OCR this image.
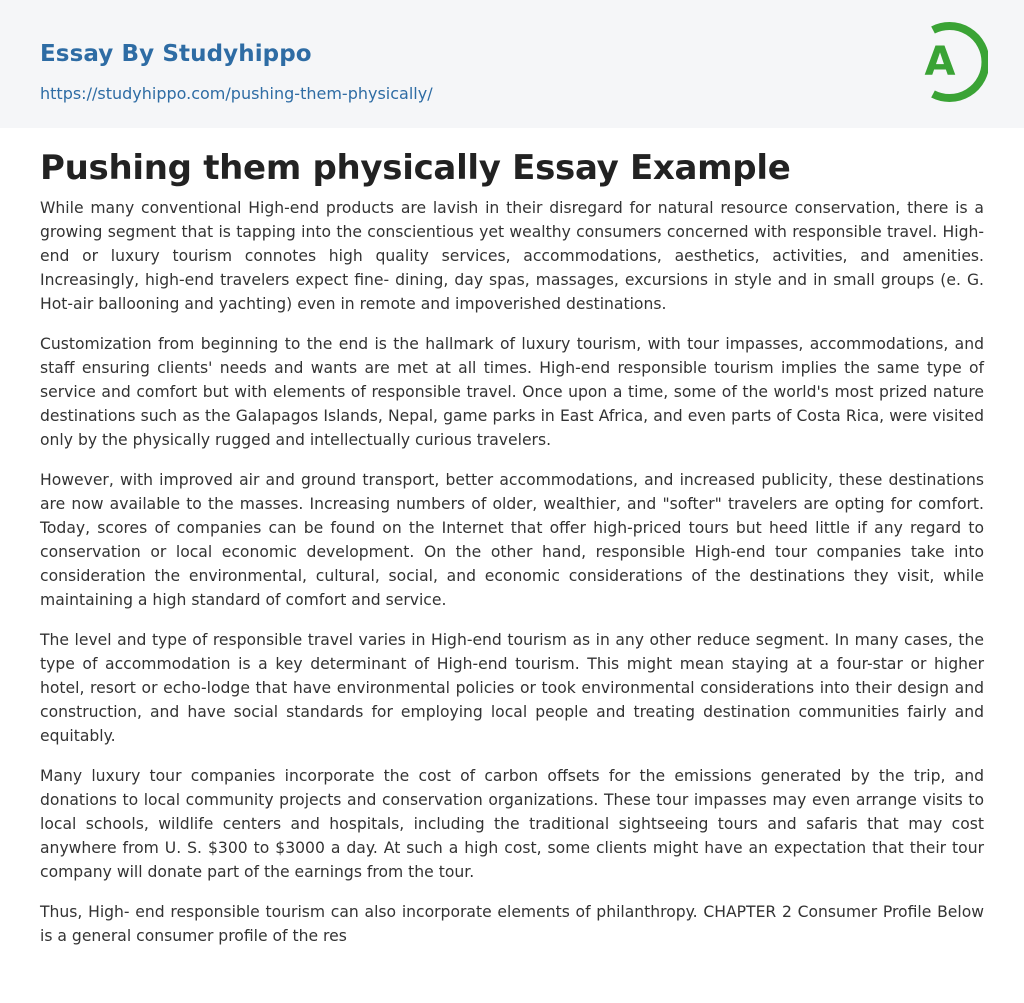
Essay By Studyhippo
https://studyhippo.com/pushing-them-physically/
A
Pushing them physically Essay Example

While many conventional High-end products are lavish in their disregard for natural resource conservation, there is a growing segment that is tapping into the conscientious yet wealthy consumers concerned with responsible travel. High-end or luxury tourism connotes high quality services, accommodations, aesthetics, activities, and amenities. Increasingly, high-end travelers expect fine- dining, day spas, massages, excursions in style and in small groups (e. G. Hot-air ballooning and yachting) even in remote and impoverished destinations.

Customization from beginning to the end is the hallmark of luxury tourism, with tour impasses, accommodations, and staff ensuring clients' needs and wants are met at all times. High-end responsible tourism implies the same type of service and comfort but with elements of responsible travel. Once upon a time, some of the world's most prized nature destinations such as the Galapagos Islands, Nepal, game parks in East Africa, and even parts of Costa Rica, were visited only by the physically rugged and intellectually curious travelers.

However, with improved air and ground transport, better accommodations, and increased publicity, these destinations are now available to the masses. Increasing numbers of older, wealthier, and "softer" travelers are opting for comfort. Today, scores of companies can be found on the Internet that offer high-priced tours but heed little if any regard to conservation or local economic development. On the other hand, responsible High-end tour companies take into consideration the environmental, cultural, social, and economic considerations of the destinations they visit, while maintaining a high standard of comfort and service.

The level and type of responsible travel varies in High-end tourism as in any other reduce segment. In many cases, the type of accommodation is a key determinant of High-end tourism. This might mean staying at a four-star or higher hotel, resort or echo-lodge that have environmental policies or took environmental considerations into their design and construction, and have social standards for employing local people and treating destination communities fairly and equitably.

Many luxury tour companies incorporate the cost of carbon offsets for the emissions generated by the trip, and donations to local community projects and conservation organizations. These tour impasses may even arrange visits to local schools, wildlife centers and hospitals, including the traditional sightseeing tours and safaris that may cost anywhere from U. S. $300 to $3000 a day. At such a high cost, some clients might have an expectation that their tour company will donate part of the earnings from the tour.

Thus, High- end responsible tourism can also incorporate elements of philanthropy. CHAPTER 2 Consumer Profile Below is a general consumer profile of the res
